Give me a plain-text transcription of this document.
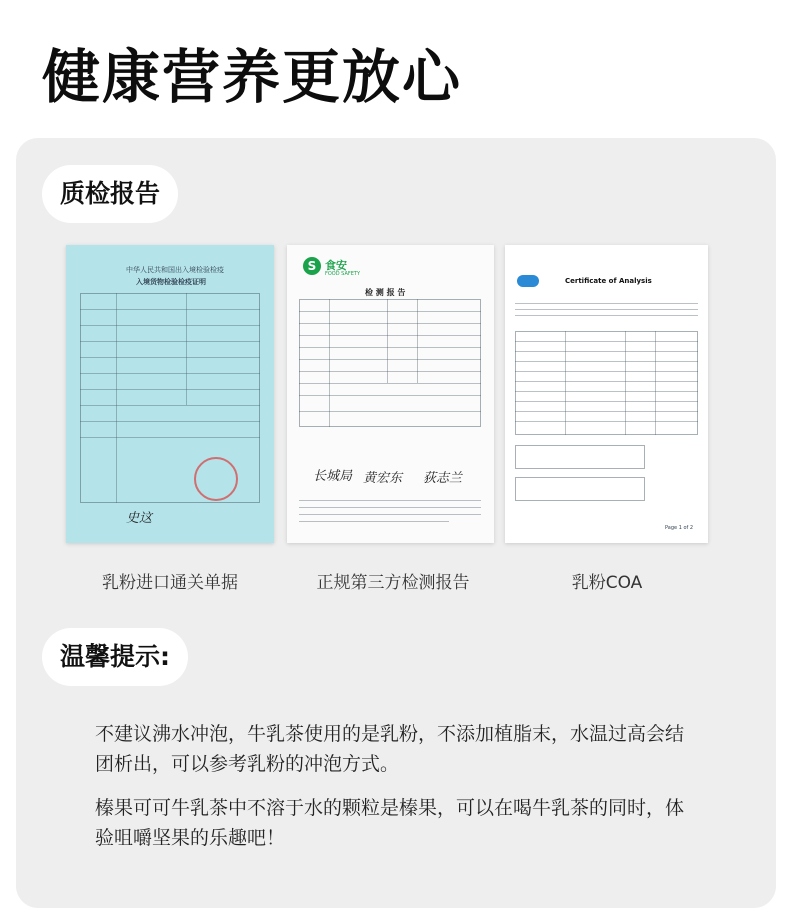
健康营养更放心
质检报告
中华人民共和国出入境检验检疫
入境货物检验检疫证明
史这
S 食安
FOOD SAFETY
检 测 报 告
长城局 黄宏东 荻志兰
Certificate of Analysis
Page 1 of 2
乳粉进口通关单据	正规第三方检测报告	乳粉COA
温馨提示:
不建议沸水冲泡，牛乳茶使用的是乳粉，不添加植脂末，水温过高会结团析出，可以参考乳粉的冲泡方式。
榛果可可牛乳茶中不溶于水的颗粒是榛果，可以在喝牛乳茶的同时，体验咀嚼坚果的乐趣吧！
